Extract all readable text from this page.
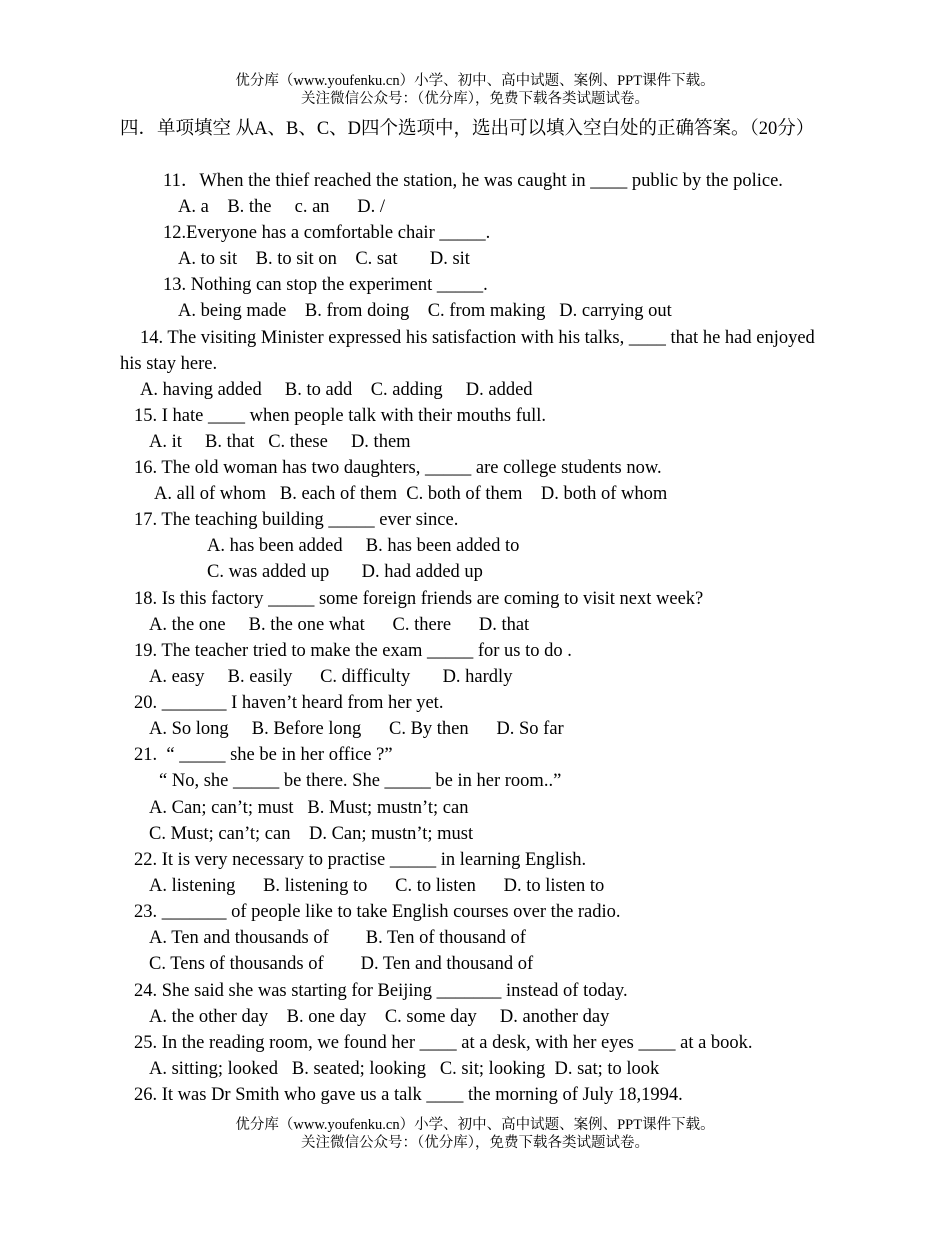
优分库（www.youfenku.cn）小学、初中、高中试题、案例、PPT课件下载。
关注微信公众号：（优分库），免费下载各类试题试卷。
四．单项填空 从A、B、C、D四个选项中，选出可以填入空白处的正确答案。（20分）
11．When the thief reached the station, he was caught in ____ public by the police.
A. a    B. the     c. an      D. /
12.Everyone has a comfortable chair _____.
A. to sit    B. to sit on    C. sat       D. sit
13. Nothing can stop the experiment _____.
A. being made    B. from doing    C. from making   D. carrying out
14. The visiting Minister expressed his satisfaction with his talks, ____ that he had enjoyed
his stay here.
A. having added     B. to add    C. adding     D. added
15. I hate ____ when people talk with their mouths full.
A. it     B. that   C. these     D. them
16. The old woman has two daughters, _____ are college students now.
A. all of whom   B. each of them  C. both of them    D. both of whom
17. The teaching building _____ ever since.
A. has been added     B. has been added to
C. was added up       D. had added up
18. Is this factory _____ some foreign friends are coming to visit next week?
A. the one     B. the one what      C. there      D. that
19. The teacher tried to make the exam _____ for us to do .
A. easy     B. easily      C. difficulty       D. hardly
20. _______ I haven’t heard from her yet.
A. So long     B. Before long      C. By then      D. So far
21.  “ _____ she be in her office ?”
“ No, she _____ be there. She _____ be in her room..”
A. Can; can’t; must   B. Must; mustn’t; can
C. Must; can’t; can    D. Can; mustn’t; must
22. It is very necessary to practise _____ in learning English.
A. listening      B. listening to      C. to listen      D. to listen to
23. _______ of people like to take English courses over the radio.
A. Ten and thousands of        B. Ten of thousand of
C. Tens of thousands of        D. Ten and thousand of
24. She said she was starting for Beijing _______ instead of today.
A. the other day    B. one day    C. some day     D. another day
25. In the reading room, we found her ____ at a desk, with her eyes ____ at a book.
A. sitting; looked   B. seated; looking   C. sit; looking  D. sat; to look
26. It was Dr Smith who gave us a talk ____ the morning of July 18,1994.
优分库（www.youfenku.cn）小学、初中、高中试题、案例、PPT课件下载。
关注微信公众号：（优分库），免费下载各类试题试卷。
